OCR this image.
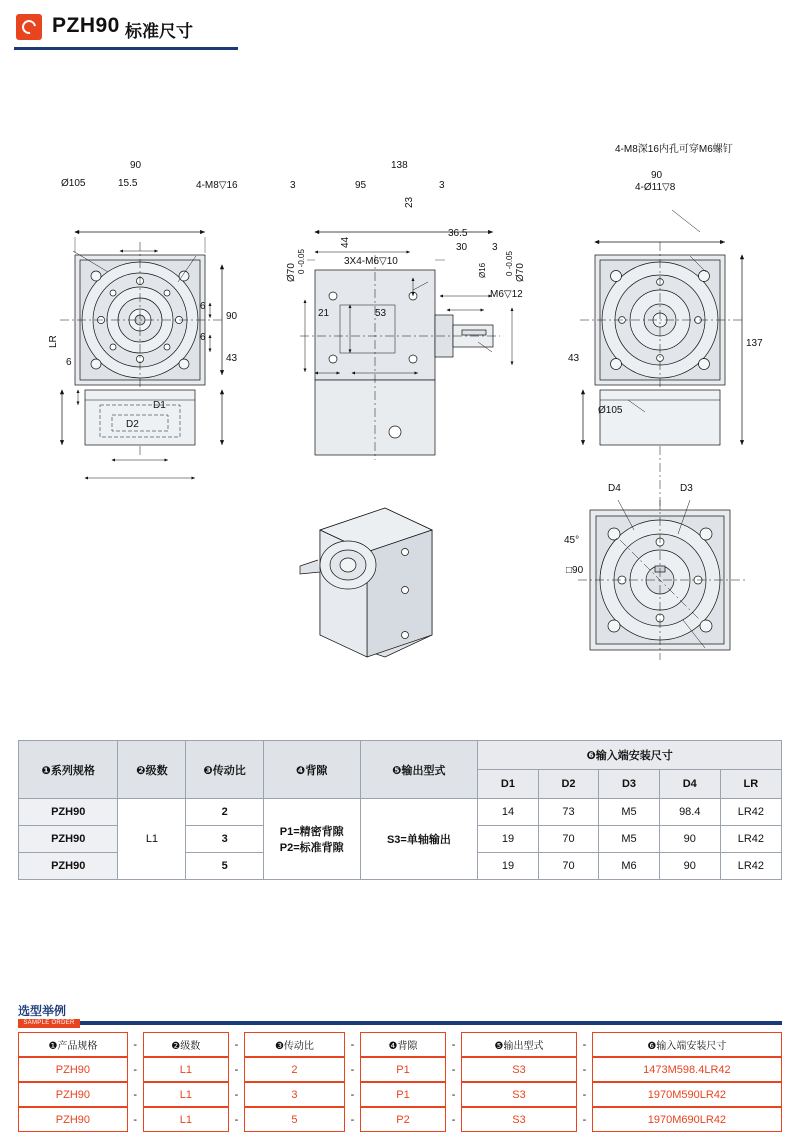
PZH90 标准尺寸
90
Ø105	15.5	4-M8▽16
90
6
6
43
LR
6
D1
D2
138
95
3	3
23
44
3X4-M6▽10
36.5
30 3
M6▽12
21	53
Ø70 0 -0.05	Ø70
0 -0.05
Ø16
4-M8深16内孔可穿M6螺钉
90
4-Ø11▽8
137
43
Ø105
D4	D3
45°
□90
❶系列规格	❷级数	❸传动比	❹背隙	❺输出型式	❻输入端安装尺寸				
					D1	D2	D3	D4	LR
PZH90	L1	2	P1=精密背隙
P2=标准背隙	S3=单轴输出	14	73	M5	98.4	LR42
PZH90		3			19	70	M5	90	LR42
PZH90		5			19	70	M6	90	LR42
选型举例
SAMPLE ORDER
❶产品规格	-	❷级数	-	❸传动比	-	❹背隙	-	❺输出型式	-	❻输入端安装尺寸
PZH90	-	L1	-	2	-	P1	-	S3	-	1473M598.4LR42
PZH90	-	L1	-	3	-	P1	-	S3	-	1970M590LR42
PZH90	-	L1	-	5	-	P2	-	S3	-	1970M690LR42
